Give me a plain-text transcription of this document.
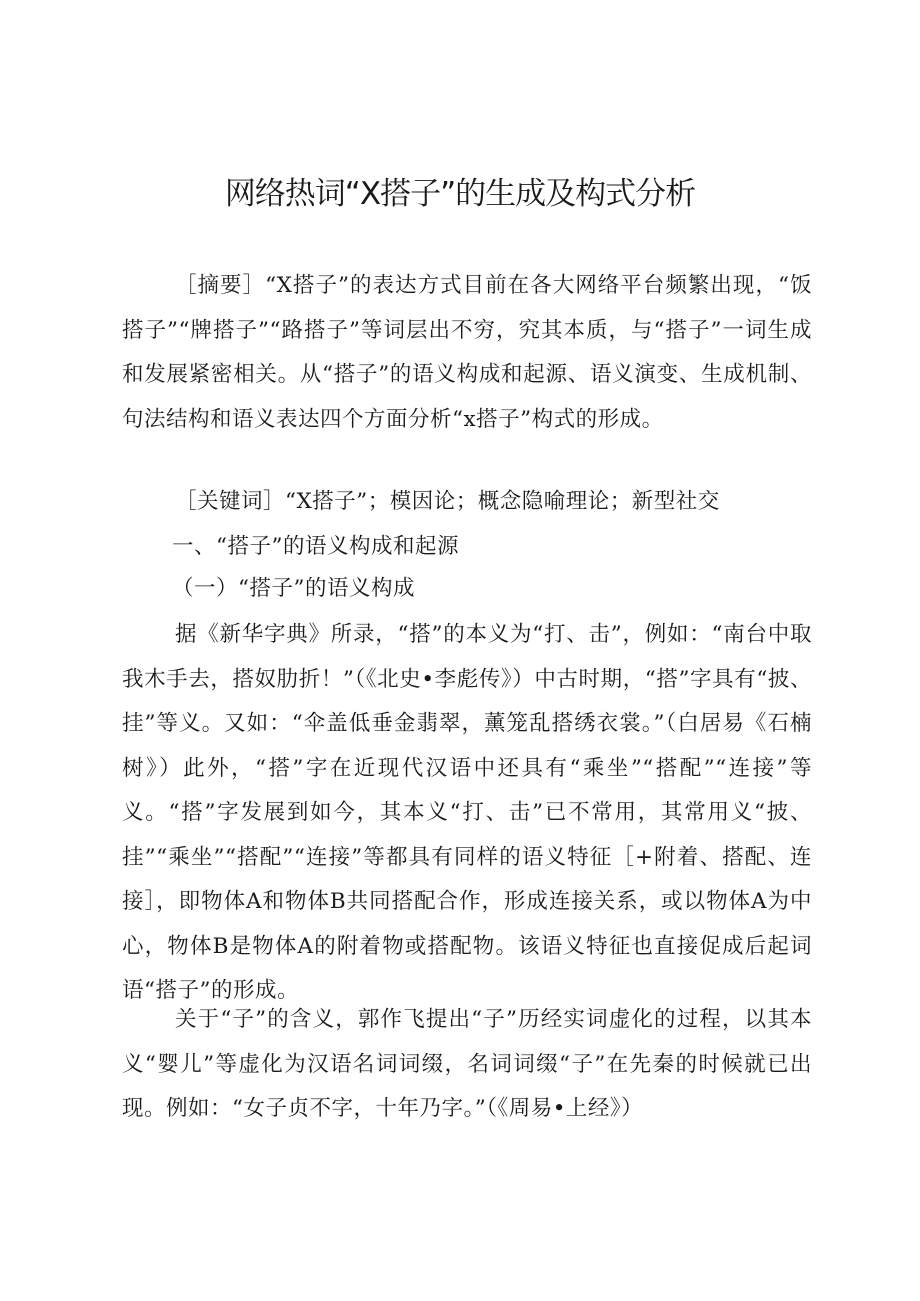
网络热词“X搭子”的生成及构式分析

［摘要］“X搭子”的表达方式目前在各大网络平台频繁出现，“饭搭子”“牌搭子”“路搭子”等词层出不穷，究其本质，与“搭子”一词生成和发展紧密相关。从“搭子”的语义构成和起源、语义演变、生成机制、句法结构和语义表达四个方面分析“x搭子”构式的形成。

［关键词］“X搭子”；模因论；概念隐喻理论；新型社交

一、“搭子”的语义构成和起源

（一）“搭子”的语义构成

据《新华字典》所录，“搭”的本义为“打、击”，例如：“南台中取我木手去，搭奴肋折！”（《北史•李彪传》）中古时期，“搭”字具有“披、挂”等义。又如：“伞盖低垂金翡翠，薰笼乱搭绣衣裳。”（白居易《石楠树》）此外，“搭”字在近现代汉语中还具有“乘坐”“搭配”“连接”等义。“搭”字发展到如今，其本义“打、击”已不常用，其常用义“披、挂”“乘坐”“搭配”“连接”等都具有同样的语义特征［+附着、搭配、连接］，即物体A和物体B共同搭配合作，形成连接关系，或以物体A为中心，物体B是物体A的附着物或搭配物。该语义特征也直接促成后起词语“搭子”的形成。

关于“子”的含义，郭作飞提出“子”历经实词虚化的过程，以其本义“婴儿”等虚化为汉语名词词缀，名词词缀“子”在先秦的时候就已出现。例如：“女子贞不字，十年乃字。”（《周易•上经》）
